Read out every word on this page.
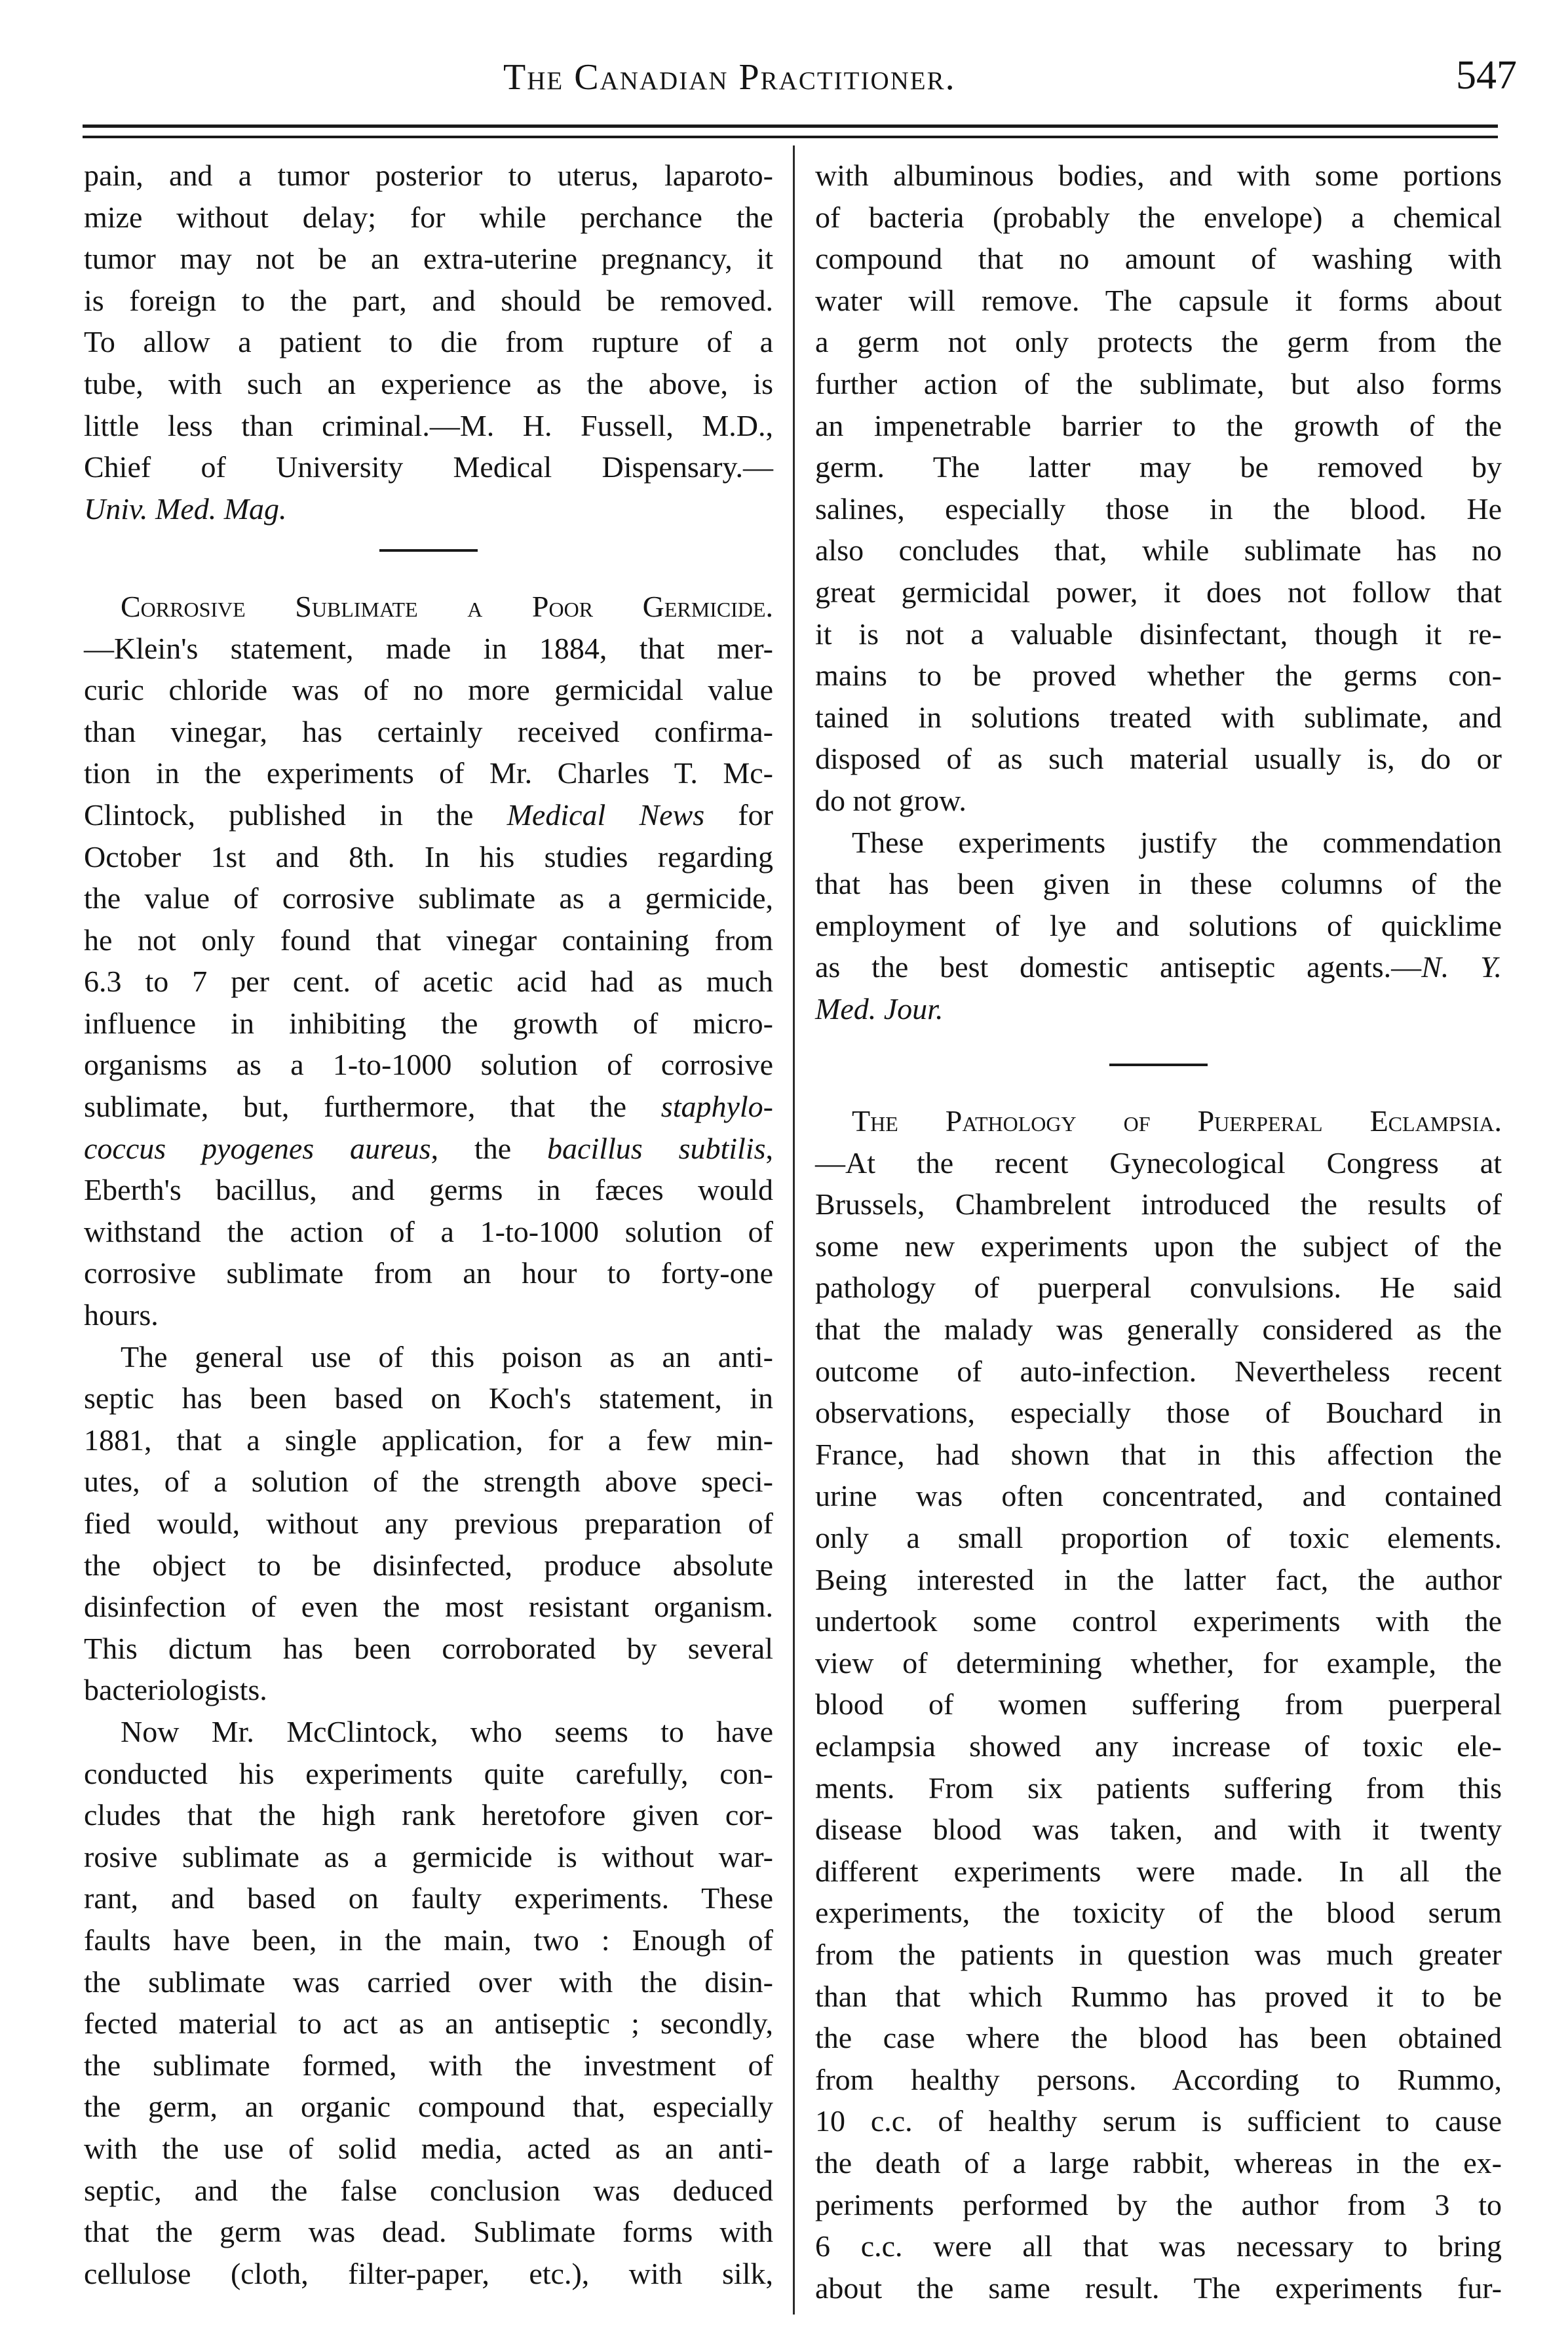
The Canadian Practitioner.	547
pain, and a tumor posterior to uterus, laparoto-
mize without delay; for while perchance the
tumor may not be an extra-uterine pregnancy, it
is foreign to the part, and should be removed.
To allow a patient to die from rupture of a
tube, with such an experience as the above, is
little less than criminal.—M. H. Fussell, M.D.,
Chief of University Medical Dispensary.—
Univ. Med. Mag.
Corrosive Sublimate a Poor Germicide.
—Klein's statement, made in 1884, that mer-
curic chloride was of no more germicidal value
than vinegar, has certainly received confirma-
tion in the experiments of Mr. Charles T. Mc-
Clintock, published in the Medical News for
October 1st and 8th. In his studies regarding
the value of corrosive sublimate as a germicide,
he not only found that vinegar containing from
6.3 to 7 per cent. of acetic acid had as much
influence in inhibiting the growth of micro-
organisms as a 1-to-1000 solution of corrosive
sublimate, but, furthermore, that the staphylo-
coccus pyogenes aureus, the bacillus subtilis,
Eberth's bacillus, and germs in fæces would
withstand the action of a 1-to-1000 solution of
corrosive sublimate from an hour to forty-one
hours.
The general use of this poison as an anti-
septic has been based on Koch's statement, in
1881, that a single application, for a few min-
utes, of a solution of the strength above speci-
fied would, without any previous preparation of
the object to be disinfected, produce absolute
disinfection of even the most resistant organism.
This dictum has been corroborated by several
bacteriologists.
Now Mr. McClintock, who seems to have
conducted his experiments quite carefully, con-
cludes that the high rank heretofore given cor-
rosive sublimate as a germicide is without war-
rant, and based on faulty experiments. These
faults have been, in the main, two : Enough of
the sublimate was carried over with the disin-
fected material to act as an antiseptic ; secondly,
the sublimate formed, with the investment of
the germ, an organic compound that, especially
with the use of solid media, acted as an anti-
septic, and the false conclusion was deduced
that the germ was dead. Sublimate forms with
cellulose (cloth, filter-paper, etc.), with silk,
with albuminous bodies, and with some portions
of bacteria (probably the envelope) a chemical
compound that no amount of washing with
water will remove. The capsule it forms about
a germ not only protects the germ from the
further action of the sublimate, but also forms
an impenetrable barrier to the growth of the
germ. The latter may be removed by
salines, especially those in the blood. He
also concludes that, while sublimate has no
great germicidal power, it does not follow that
it is not a valuable disinfectant, though it re-
mains to be proved whether the germs con-
tained in solutions treated with sublimate, and
disposed of as such material usually is, do or
do not grow.
These experiments justify the commendation
that has been given in these columns of the
employment of lye and solutions of quicklime
as the best domestic antiseptic agents.—N. Y.
Med. Jour.
The Pathology of Puerperal Eclampsia.
—At the recent Gynecological Congress at
Brussels, Chambrelent introduced the results of
some new experiments upon the subject of the
pathology of puerperal convulsions. He said
that the malady was generally considered as the
outcome of auto-infection. Nevertheless recent
observations, especially those of Bouchard in
France, had shown that in this affection the
urine was often concentrated, and contained
only a small proportion of toxic elements.
Being interested in the latter fact, the author
undertook some control experiments with the
view of determining whether, for example, the
blood of women suffering from puerperal
eclampsia showed any increase of toxic ele-
ments. From six patients suffering from this
disease blood was taken, and with it twenty
different experiments were made. In all the
experiments, the toxicity of the blood serum
from the patients in question was much greater
than that which Rummo has proved it to be
the case where the blood has been obtained
from healthy persons. According to Rummo,
10 c.c. of healthy serum is sufficient to cause
the death of a large rabbit, whereas in the ex-
periments performed by the author from 3 to
6 c.c. were all that was necessary to bring
about the same result. The experiments fur-
